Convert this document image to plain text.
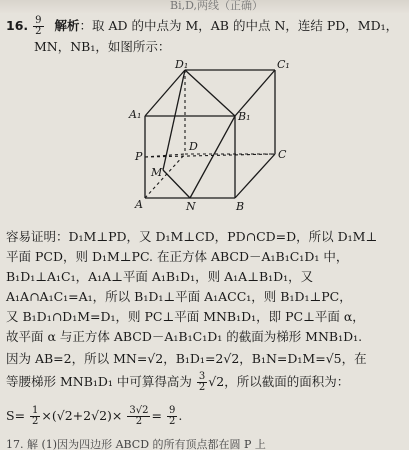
Bi,D,两线（正确）
16. $\frac{9}{2}$ 解析：取 AD 的中点为 M，AB 的中点 N，连结 PD，MD₁，
MN，NB₁，如图所示：
D₁	C₁
A₁	B₁
P
D
C
M
A	N	B
容易证明：D₁M⊥PD，又 D₁M⊥CD，PD∩CD=D，所以 D₁M⊥
平面 PCD，则 D₁M⊥PC. 在正方体 ABCD－A₁B₁C₁D₁ 中，
B₁D₁⊥A₁C₁，A₁A⊥平面 A₁B₁D₁，则 A₁A⊥B₁D₁，又
A₁A∩A₁C₁=A₁，所以 B₁D₁⊥平面 A₁ACC₁，则 B₁D₁⊥PC，
又 B₁D₁∩D₁M=D₁，则 PC⊥平面 MNB₁D₁，即 PC⊥平面 α，
故平面 α 与正方体 ABCD－A₁B₁C₁D₁ 的截面为梯形 MNB₁D₁.
因为 AB=2，所以 MN=√2，B₁D₁=2√2，B₁N=D₁M=√5，在
等腰梯形 MNB₁D₁ 中可算得高为 $\frac{3}{2} √2$，所以截面的面积为：
$S= \frac{1}{2} \times(√2+2√2)\times \frac{3√2}{2} = \frac{9}{2}$ .
17. 解 (1)因为四边形 ABCD 的所有顶点都在圆 P 上
